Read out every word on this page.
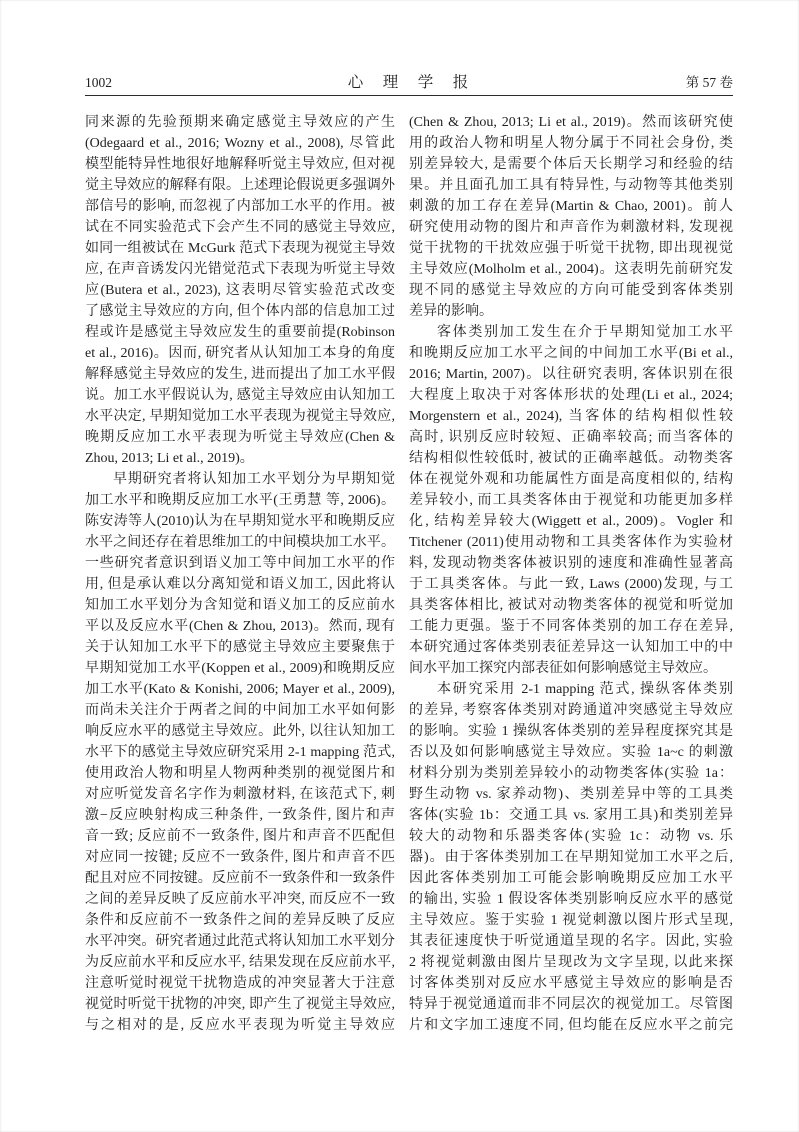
1002	心　理　学　报	第 57 卷
同来源的先验预期来确定感觉主导效应的产生
(Odegaard et al., 2016; Wozny et al., 2008), 尽管此
模型能特异性地很好地解释听觉主导效应, 但对视
觉主导效应的解释有限。上述理论假说更多强调外
部信号的影响, 而忽视了内部加工水平的作用。被
试在不同实验范式下会产生不同的感觉主导效应,
如同一组被试在 McGurk 范式下表现为视觉主导效
应, 在声音诱发闪光错觉范式下表现为听觉主导效
应(Butera et al., 2023), 这表明尽管实验范式改变
了感觉主导效应的方向, 但个体内部的信息加工过
程或许是感觉主导效应发生的重要前提(Robinson
et al., 2016)。因而, 研究者从认知加工本身的角度
解释感觉主导效应的发生, 进而提出了加工水平假
说。加工水平假说认为, 感觉主导效应由认知加工
水平决定, 早期知觉加工水平表现为视觉主导效应,
晚期反应加工水平表现为听觉主导效应(Chen &
Zhou, 2013; Li et al., 2019)。
早期研究者将认知加工水平划分为早期知觉
加工水平和晚期反应加工水平(王勇慧 等, 2006)。
陈安涛等人(2010)认为在早期知觉水平和晚期反应
水平之间还存在着思维加工的中间模块加工水平。
一些研究者意识到语义加工等中间加工水平的作
用, 但是承认难以分离知觉和语义加工, 因此将认
知加工水平划分为含知觉和语义加工的反应前水
平以及反应水平(Chen & Zhou, 2013)。然而, 现有
关于认知加工水平下的感觉主导效应主要聚焦于
早期知觉加工水平(Koppen et al., 2009)和晚期反应
加工水平(Kato & Konishi, 2006; Mayer et al., 2009),
而尚未关注介于两者之间的中间加工水平如何影
响反应水平的感觉主导效应。此外, 以往认知加工
水平下的感觉主导效应研究采用 2-1 mapping 范式,
使用政治人物和明星人物两种类别的视觉图片和
对应听觉发音名字作为刺激材料, 在该范式下, 刺
激−反应映射构成三种条件, 一致条件, 图片和声
音一致; 反应前不一致条件, 图片和声音不匹配但
对应同一按键; 反应不一致条件, 图片和声音不匹
配且对应不同按键。反应前不一致条件和一致条件
之间的差异反映了反应前水平冲突, 而反应不一致
条件和反应前不一致条件之间的差异反映了反应
水平冲突。研究者通过此范式将认知加工水平划分
为反应前水平和反应水平, 结果发现在反应前水平,
注意听觉时视觉干扰物造成的冲突显著大于注意
视觉时听觉干扰物的冲突, 即产生了视觉主导效应,
与之相对的是, 反应水平表现为听觉主导效应
(Chen & Zhou, 2013; Li et al., 2019)。然而该研究使
用的政治人物和明星人物分属于不同社会身份, 类
别差异较大, 是需要个体后天长期学习和经验的结
果。并且面孔加工具有特异性, 与动物等其他类别
刺激的加工存在差异(Martin & Chao, 2001)。前人
研究使用动物的图片和声音作为刺激材料, 发现视
觉干扰物的干扰效应强于听觉干扰物, 即出现视觉
主导效应(Molholm et al., 2004)。这表明先前研究发
现不同的感觉主导效应的方向可能受到客体类别
差异的影响。
客体类别加工发生在介于早期知觉加工水平
和晚期反应加工水平之间的中间加工水平(Bi et al.,
2016; Martin, 2007)。以往研究表明, 客体识别在很
大程度上取决于对客体形状的处理(Li et al., 2024;
Morgenstern et al., 2024), 当客体的结构相似性较
高时, 识别反应时较短、正确率较高; 而当客体的
结构相似性较低时, 被试的正确率越低。动物类客
体在视觉外观和功能属性方面是高度相似的, 结构
差异较小, 而工具类客体由于视觉和功能更加多样
化, 结构差异较大(Wiggett et al., 2009)。Vogler 和
Titchener (2011)使用动物和工具类客体作为实验材
料, 发现动物类客体被识别的速度和准确性显著高
于工具类客体。与此一致, Laws (2000)发现, 与工
具类客体相比, 被试对动物类客体的视觉和听觉加
工能力更强。鉴于不同客体类别的加工存在差异,
本研究通过客体类别表征差异这一认知加工中的中
间水平加工探究内部表征如何影响感觉主导效应。
本研究采用 2-1 mapping 范式, 操纵客体类别
的差异, 考察客体类别对跨通道冲突感觉主导效应
的影响。实验 1 操纵客体类别的差异程度探究其是
否以及如何影响感觉主导效应。实验 1a~c 的刺激
材料分别为类别差异较小的动物类客体(实验 1a：
野生动物 vs. 家养动物)、类别差异中等的工具类
客体(实验 1b：交通工具 vs. 家用工具)和类别差异
较大的动物和乐器类客体(实验 1c：动物 vs. 乐
器)。由于客体类别加工在早期知觉加工水平之后,
因此客体类别加工可能会影响晚期反应加工水平
的输出, 实验 1 假设客体类别影响反应水平的感觉
主导效应。鉴于实验 1 视觉刺激以图片形式呈现,
其表征速度快于听觉通道呈现的名字。因此, 实验
2 将视觉刺激由图片呈现改为文字呈现, 以此来探
讨客体类别对反应水平感觉主导效应的影响是否
特异于视觉通道而非不同层次的视觉加工。尽管图
片和文字加工速度不同, 但均能在反应水平之前完
